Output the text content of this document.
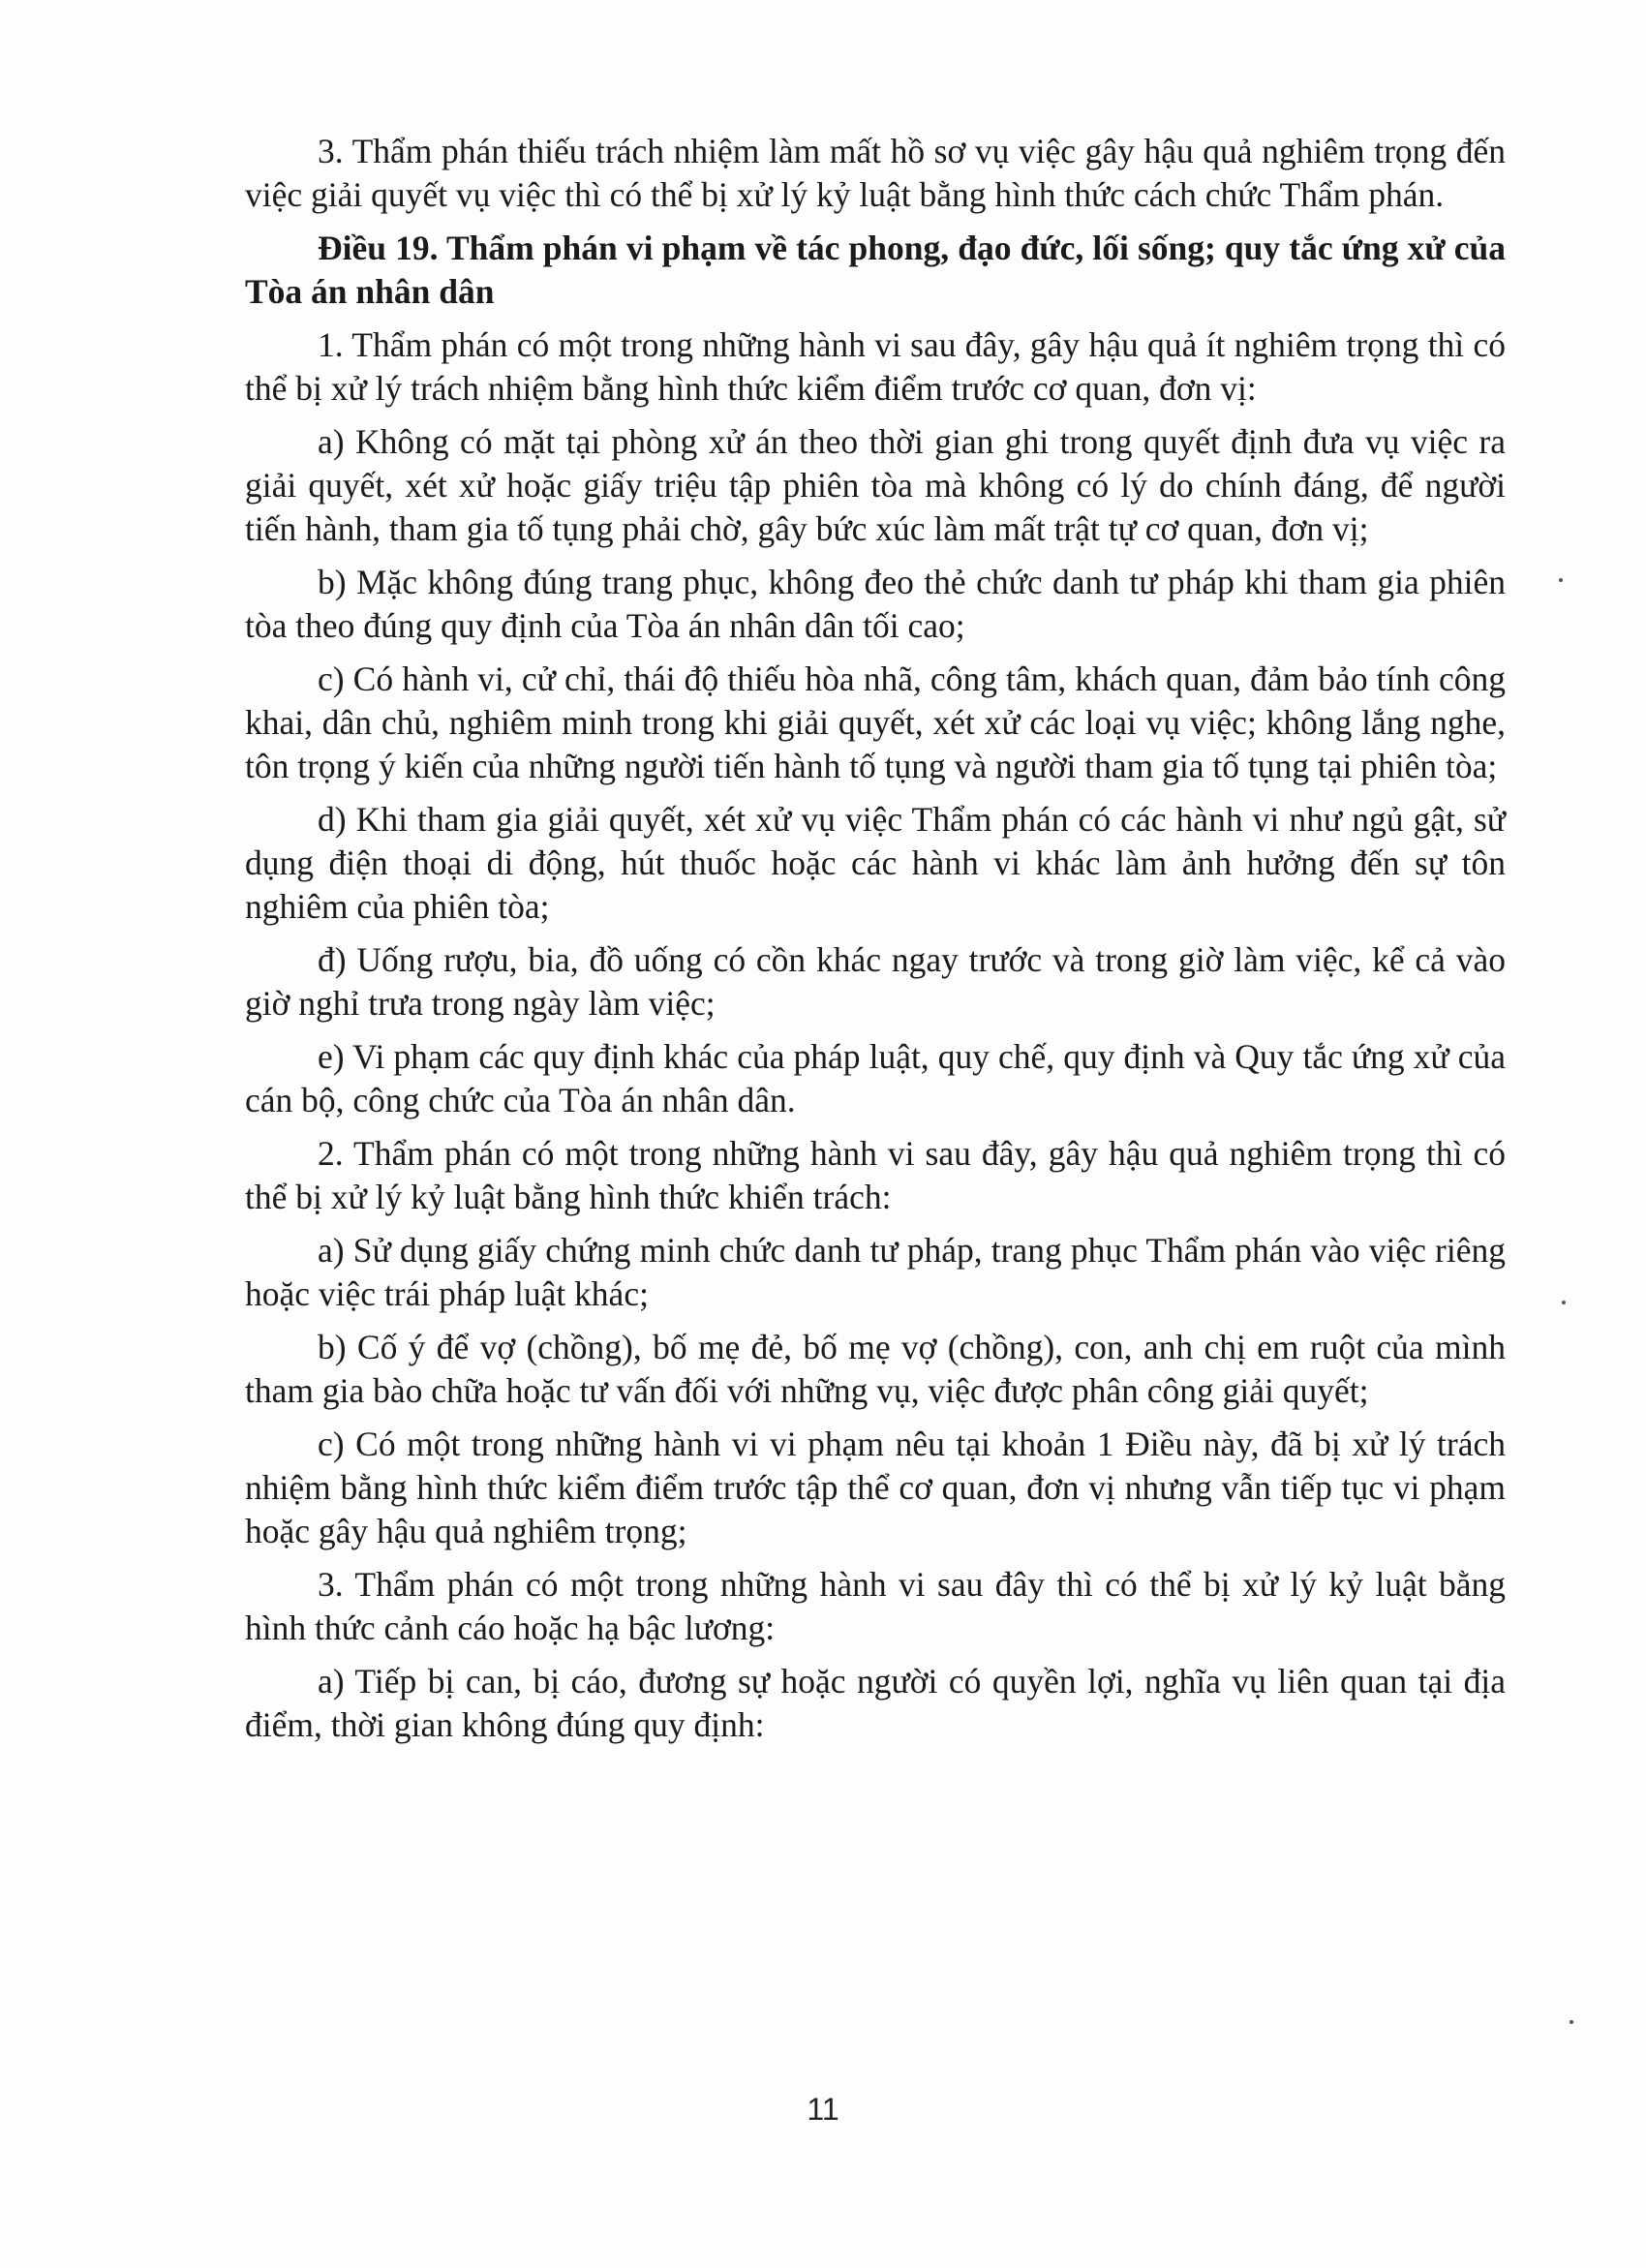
3. Thẩm phán thiếu trách nhiệm làm mất hồ sơ vụ việc gây hậu quả nghiêm trọng đến việc giải quyết vụ việc thì có thể bị xử lý kỷ luật bằng hình thức cách chức Thẩm phán.

Điều 19. Thẩm phán vi phạm về tác phong, đạo đức, lối sống; quy tắc ứng xử của Tòa án nhân dân

1. Thẩm phán có một trong những hành vi sau đây, gây hậu quả ít nghiêm trọng thì có thể bị xử lý trách nhiệm bằng hình thức kiểm điểm trước cơ quan, đơn vị:

a) Không có mặt tại phòng xử án theo thời gian ghi trong quyết định đưa vụ việc ra giải quyết, xét xử hoặc giấy triệu tập phiên tòa mà không có lý do chính đáng, để người tiến hành, tham gia tố tụng phải chờ, gây bức xúc làm mất trật tự cơ quan, đơn vị;

b) Mặc không đúng trang phục, không đeo thẻ chức danh tư pháp khi tham gia phiên tòa theo đúng quy định của Tòa án nhân dân tối cao;

c) Có hành vi, cử chỉ, thái độ thiếu hòa nhã, công tâm, khách quan, đảm bảo tính công khai, dân chủ, nghiêm minh trong khi giải quyết, xét xử các loại vụ việc; không lắng nghe, tôn trọng ý kiến của những người tiến hành tố tụng và người tham gia tố tụng tại phiên tòa;

d) Khi tham gia giải quyết, xét xử vụ việc Thẩm phán có các hành vi như ngủ gật, sử dụng điện thoại di động, hút thuốc hoặc các hành vi khác làm ảnh hưởng đến sự tôn nghiêm của phiên tòa;

đ) Uống rượu, bia, đồ uống có cồn khác ngay trước và trong giờ làm việc, kể cả vào giờ nghỉ trưa trong ngày làm việc;

e) Vi phạm các quy định khác của pháp luật, quy chế, quy định và Quy tắc ứng xử của cán bộ, công chức của Tòa án nhân dân.

2. Thẩm phán có một trong những hành vi sau đây, gây hậu quả nghiêm trọng thì có thể bị xử lý kỷ luật bằng hình thức khiển trách:

a) Sử dụng giấy chứng minh chức danh tư pháp, trang phục Thẩm phán vào việc riêng hoặc việc trái pháp luật khác;

b) Cố ý để vợ (chồng), bố mẹ đẻ, bố mẹ vợ (chồng), con, anh chị em ruột của mình tham gia bào chữa hoặc tư vấn đối với những vụ, việc được phân công giải quyết;

c) Có một trong những hành vi vi phạm nêu tại khoản 1 Điều này, đã bị xử lý trách nhiệm bằng hình thức kiểm điểm trước tập thể cơ quan, đơn vị nhưng vẫn tiếp tục vi phạm hoặc gây hậu quả nghiêm trọng;

3. Thẩm phán có một trong những hành vi sau đây thì có thể bị xử lý kỷ luật bằng hình thức cảnh cáo hoặc hạ bậc lương:

a) Tiếp bị can, bị cáo, đương sự hoặc người có quyền lợi, nghĩa vụ liên quan tại địa điểm, thời gian không đúng quy định:

11
